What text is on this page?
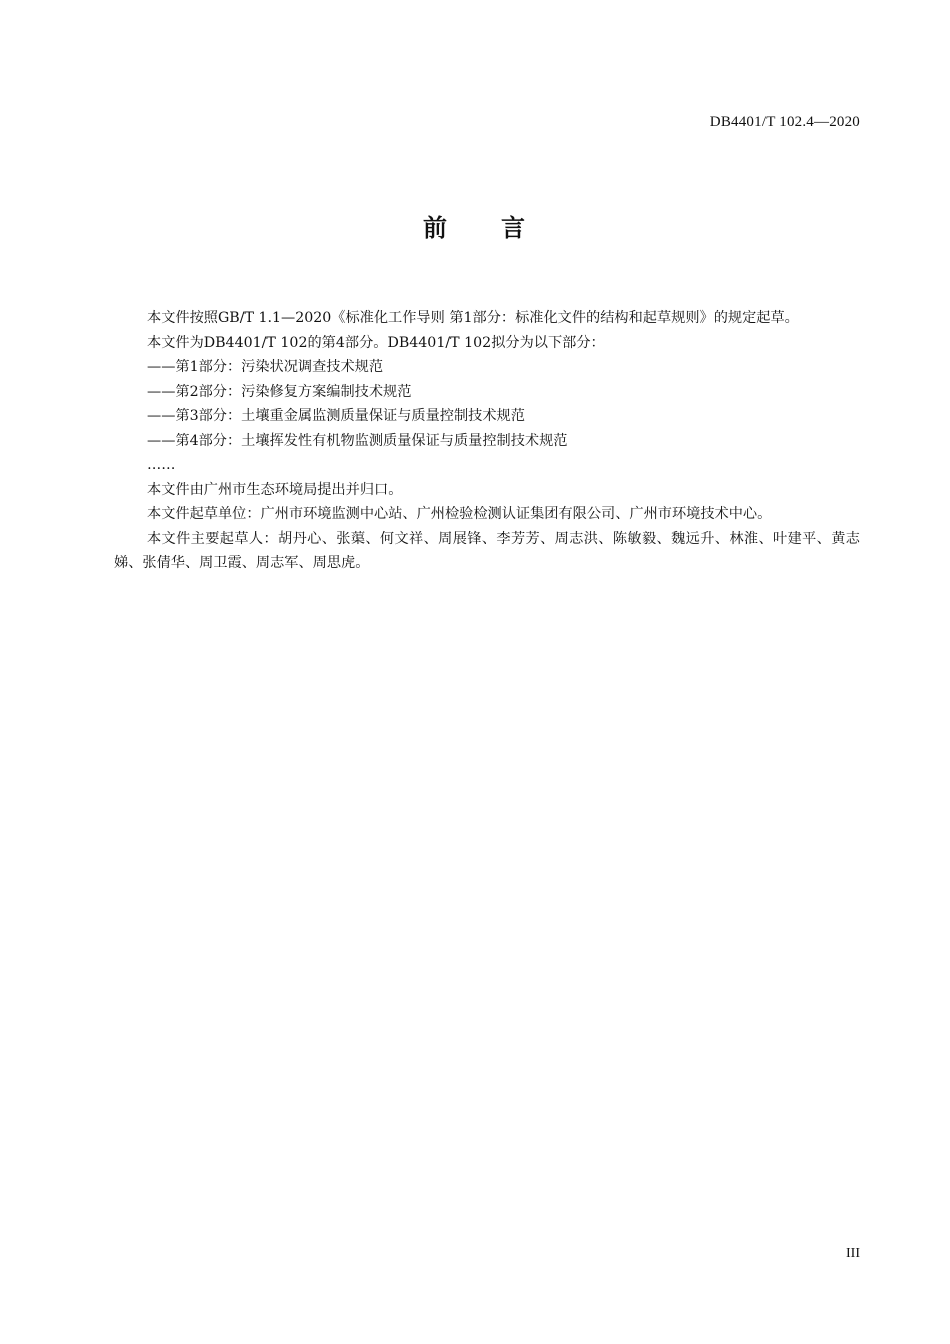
DB4401/T 102.4—2020
前 言

本文件按照GB/T 1.1—2020《标准化工作导则 第1部分：标准化文件的结构和起草规则》的规定起草。

本文件为DB4401/T 102的第4部分。DB4401/T 102拟分为以下部分：

——第1部分：污染状况调查技术规范

——第2部分：污染修复方案编制技术规范

——第3部分：土壤重金属监测质量保证与质量控制技术规范

——第4部分：土壤挥发性有机物监测质量保证与质量控制技术规范

……

本文件由广州市生态环境局提出并归口。

本文件起草单位：广州市环境监测中心站、广州检验检测认证集团有限公司、广州市环境技术中心。

本文件主要起草人：胡丹心、张蕖、何文祥、周展锋、李芳芳、周志洪、陈敏毅、魏远升、林淮、叶建平、黄志娣、张倩华、周卫霞、周志军、周思虎。

III
